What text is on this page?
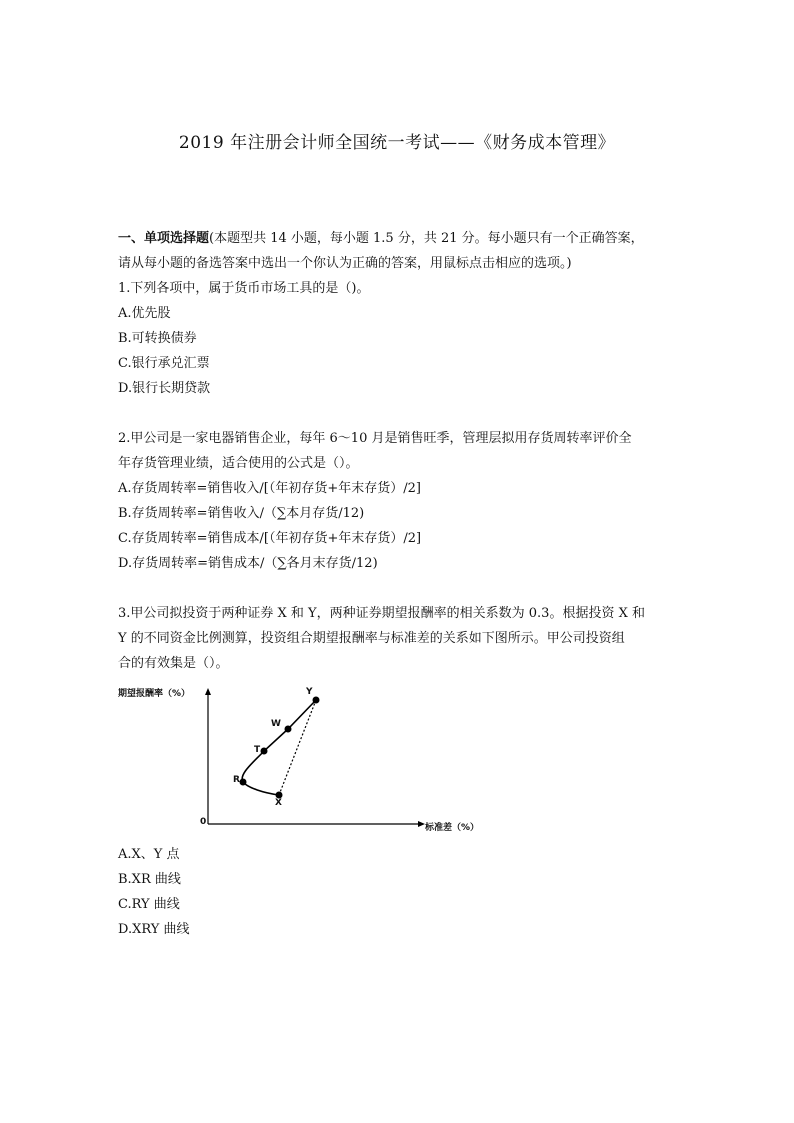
2019 年注册会计师全国统一考试——《财务成本管理》
一、单项选择题(本题型共 14 小题，每小题 1.5 分，共 21 分。每小题只有一个正确答案，
请从每小题的备选答案中选出一个你认为正确的答案，用鼠标点击相应的选项。)
1.下列各项中，属于货币市场工具的是（)。
A.优先股
B.可转换债券
C.银行承兑汇票
D.银行长期贷款
2.甲公司是一家电器销售企业，每年 6～10 月是销售旺季，管理层拟用存货周转率评价全
年存货管理业绩，适合使用的公式是（）。
A.存货周转率=销售收入/[（年初存货+年末存货）/2]
B.存货周转率=销售收入/（∑本月存货/12)
C.存货周转率=销售成本/[（年初存货+年末存货）/2]
D.存货周转率=销售成本/（∑各月末存货/12)
3.甲公司拟投资于两种证券 X 和 Y，两种证券期望报酬率的相关系数为 0.3。根据投资 X 和
Y 的不同资金比例测算，投资组合期望报酬率与标准差的关系如下图所示。甲公司投资组
合的有效集是（）。
期望报酬率（%）
标准差（%）
0
Y
W
T
R
X
A.X、Y 点
B.XR 曲线
C.RY 曲线
D.XRY 曲线
